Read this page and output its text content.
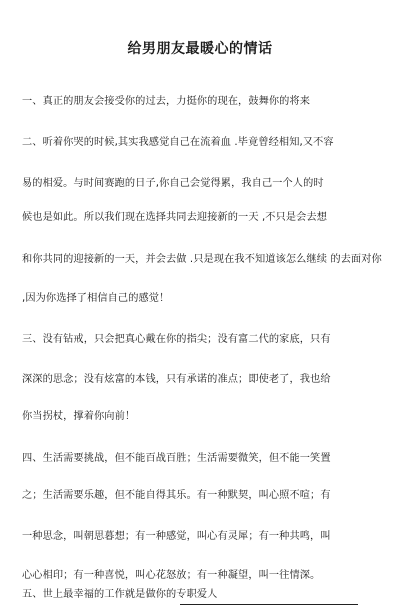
给男朋友最暖心的情话
一、真正的朋友会接受你的过去，力挺你的现在，鼓舞你的将来
二、听着你哭的时候,其实我感觉自己在流着血 .毕竟曾经相知,又不容
易的相爱。与时间赛跑的日子,你自己会觉得累，我自己一个人的时
候也是如此。所以我们现在选择共同去迎接新的一天 ,不只是会去想
和你共同的迎接新的一天，并会去做 .只是现在我不知道该怎么继续 的去面对你
,因为你选择了相信自己的感觉！
三、没有钻戒，只会把真心戴在你的指尖；没有富二代的家底，只有
深深的思念；没有炫富的本钱，只有承诺的准点；即使老了，我也给
你当拐杖，撑着你向前！
四、生活需要挑战，但不能百战百胜；生活需要微笑，但不能一笑置
之；生活需要乐趣，但不能自得其乐。有一种默契，叫心照不喧；有
一种思念，叫朝思暮想；有一种感觉，叫心有灵犀；有一种共鸣，叫
心心相印；有一种喜悦，叫心花怒放；有一种凝望，叫一往情深。
五、世上最幸福的工作就是做你的专职爱人
